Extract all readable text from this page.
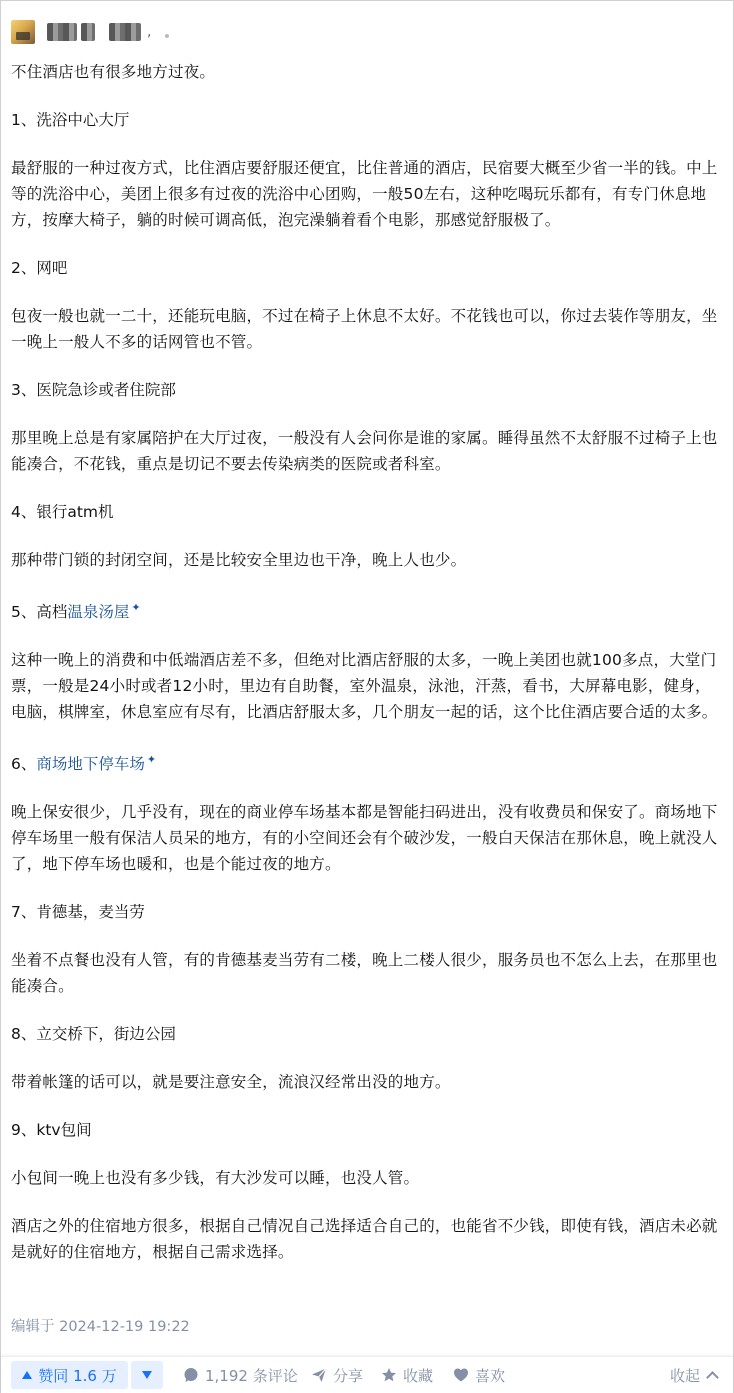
,

不住酒店也有很多地方过夜。

1、洗浴中心大厅

最舒服的一种过夜方式，比住酒店要舒服还便宜，比住普通的酒店，民宿要大概至少省一半的钱。中上等的洗浴中心，美团上很多有过夜的洗浴中心团购，一般50左右，这种吃喝玩乐都有，有专门休息地方，按摩大椅子，躺的时候可调高低，泡完澡躺着看个电影，那感觉舒服极了。

2、网吧

包夜一般也就一二十，还能玩电脑，不过在椅子上休息不太好。不花钱也可以，你过去装作等朋友，坐一晚上一般人不多的话网管也不管。

3、医院急诊或者住院部

那里晚上总是有家属陪护在大厅过夜，一般没有人会问你是谁的家属。睡得虽然不太舒服不过椅子上也能凑合，不花钱，重点是切记不要去传染病类的医院或者科室。

4、银行atm机

那种带门锁的封闭空间，还是比较安全里边也干净，晚上人也少。

5、高档温泉汤屋 ✦

这种一晚上的消费和中低端酒店差不多，但绝对比酒店舒服的太多，一晚上美团也就100多点，大堂门票，一般是24小时或者12小时，里边有自助餐，室外温泉，泳池，汗蒸，看书，大屏幕电影，健身，电脑，棋牌室，休息室应有尽有，比酒店舒服太多，几个朋友一起的话，这个比住酒店要合适的太多。

6、商场地下停车场 ✦

晚上保安很少，几乎没有，现在的商业停车场基本都是智能扫码进出，没有收费员和保安了。商场地下停车场里一般有保洁人员呆的地方，有的小空间还会有个破沙发，一般白天保洁在那休息，晚上就没人了，地下停车场也暖和，也是个能过夜的地方。

7、肯德基，麦当劳

坐着不点餐也没有人管，有的肯德基麦当劳有二楼，晚上二楼人很少，服务员也不怎么上去，在那里也能凑合。

8、立交桥下，街边公园

带着帐篷的话可以，就是要注意安全，流浪汉经常出没的地方。

9、ktv包间

小包间一晚上也没有多少钱，有大沙发可以睡，也没人管。

酒店之外的住宿地方很多，根据自己情况自己选择适合自己的，也能省不少钱，即使有钱，酒店未必就是就好的住宿地方，根据自己需求选择。

编辑于 2024-12-19 19:22
赞同 1.6 万	1,192 条评论 分享	收藏	喜欢	收起
